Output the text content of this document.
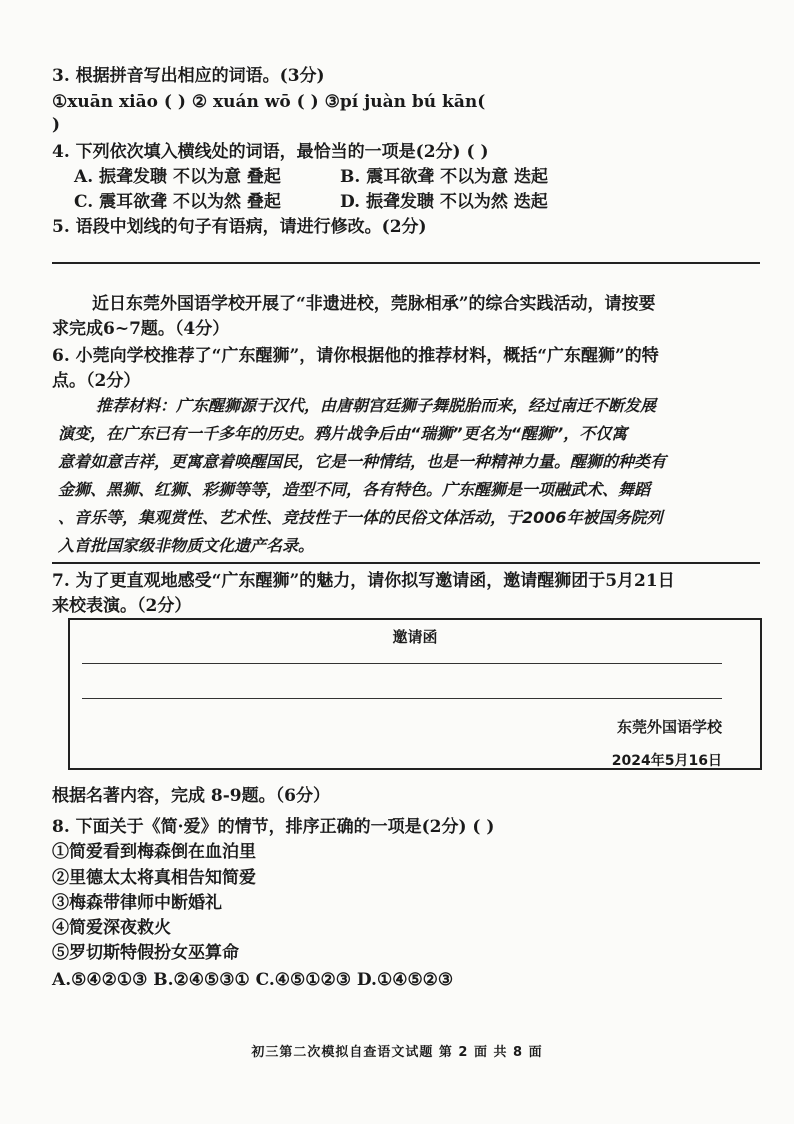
3. 根据拼音写出相应的词语。(3分)
①xuān xiāo ( ) ② xuán wō ( ) ③pí juàn bú kān(
)
4. 下列依次填入横线处的词语，最恰当的一项是(2分) ( )
A. 振聋发聩 不以为意 叠起	B. 震耳欲聋 不以为意 迭起
C. 震耳欲聋 不以为然 叠起	D. 振聋发聩 不以为然 迭起
5. 语段中划线的句子有语病，请进行修改。(2分)
近日东莞外国语学校开展了“非遗进校，莞脉相承”的综合实践活动，请按要
求完成6~7题。（4分）
6. 小莞向学校推荐了“广东醒狮”，请你根据他的推荐材料，概括“广东醒狮”的特
点。（2分）
推荐材料：广东醒狮源于汉代，由唐朝宫廷狮子舞脱胎而来，经过南迁不断发展
演变，在广东已有一千多年的历史。鸦片战争后由“瑞狮”更名为“醒狮”，不仅寓
意着如意吉祥，更寓意着唤醒国民，它是一种情结，也是一种精神力量。醒狮的种类有
金狮、黑狮、红狮、彩狮等等，造型不同，各有特色。广东醒狮是一项融武术、舞蹈
、音乐等，集观赏性、艺术性、竞技性于一体的民俗文体活动，于2006年被国务院列
入首批国家级非物质文化遗产名录。
7. 为了更直观地感受“广东醒狮”的魅力，请你拟写邀请函，邀请醒狮团于5月21日
来校表演。（2分）
邀请函
东莞外国语学校
2024年5月16日
根据名著内容，完成 8-9题。（6分）
8. 下面关于《简·爱》的情节，排序正确的一项是(2分) ( )
①简爱看到梅森倒在血泊里
②里德太太将真相告知简爱
③梅森带律师中断婚礼
④简爱深夜救火
⑤罗切斯特假扮女巫算命
A.⑤④②①③ B.②④⑤③① C.④⑤①②③ D.①④⑤②③
初三第二次模拟自查语文试题 第 2 面 共 8 面
